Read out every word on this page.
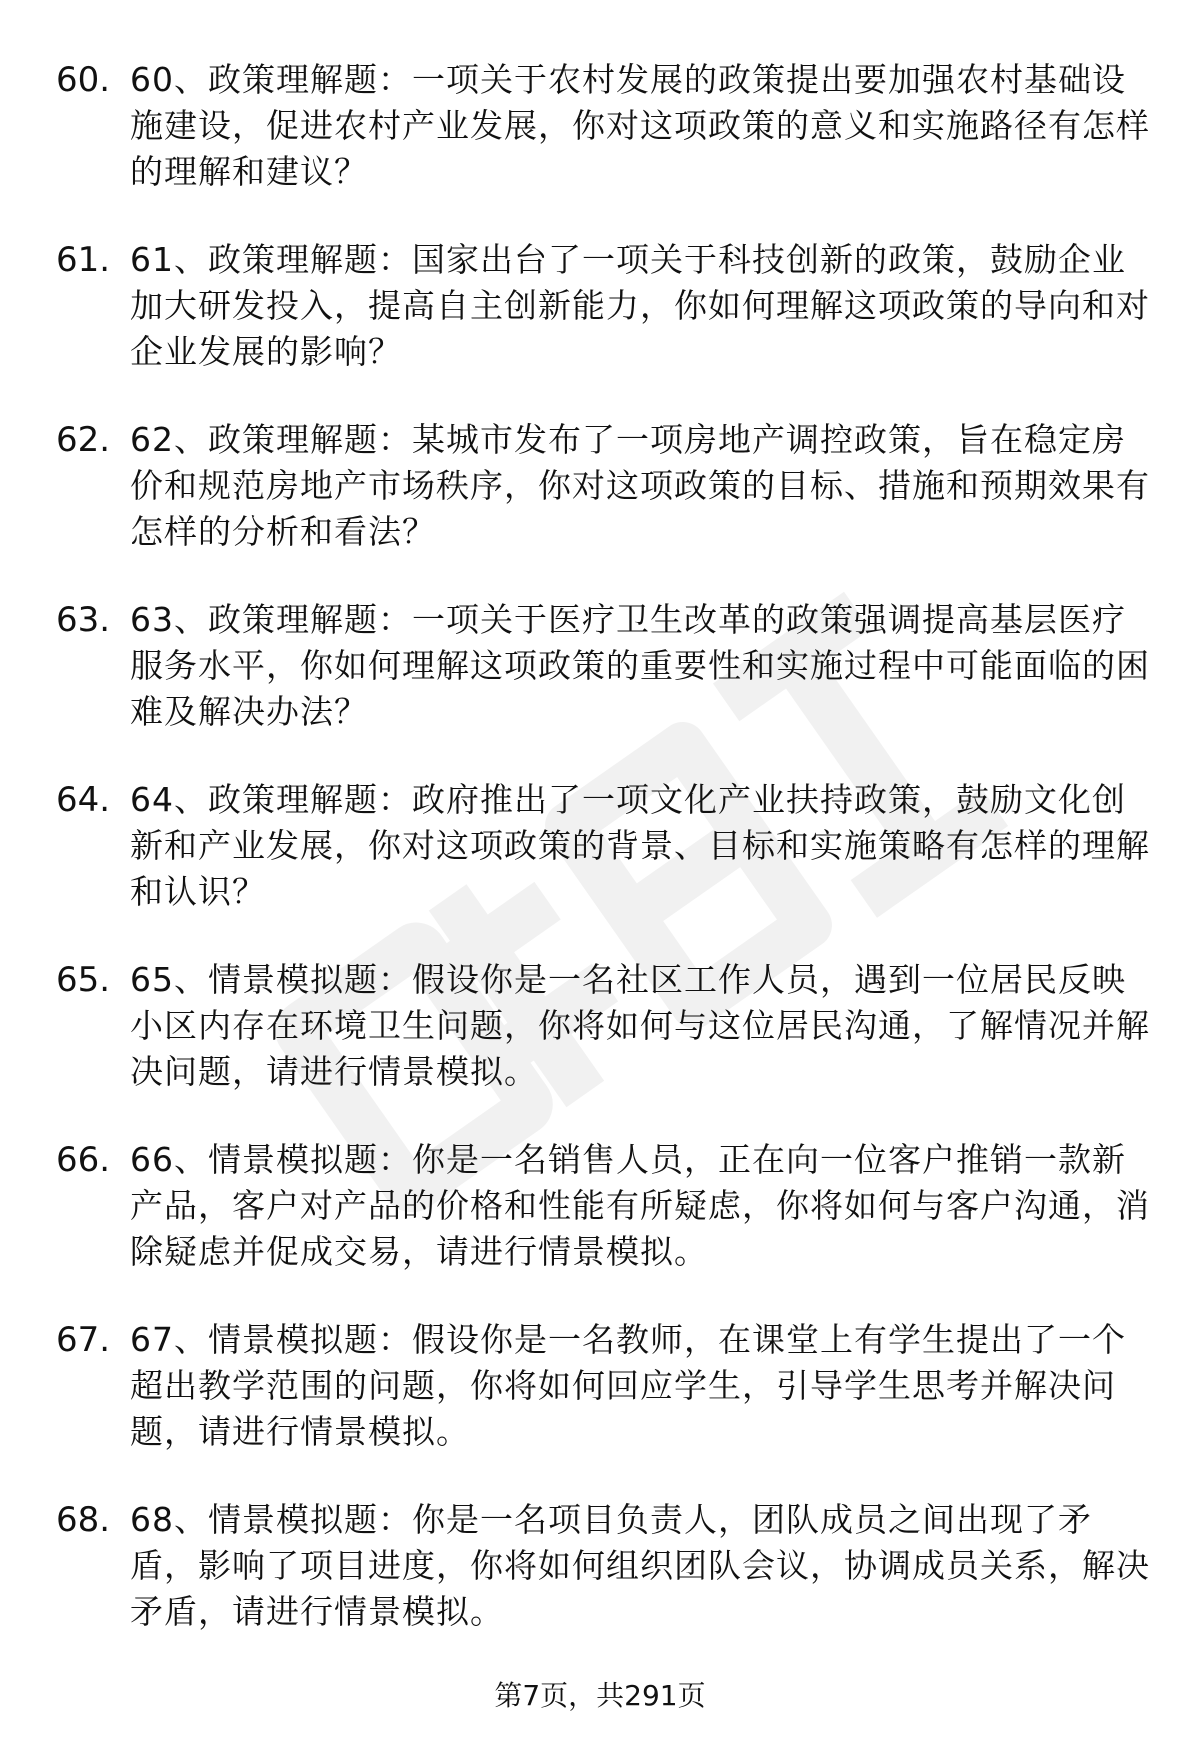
60. 60、政策理解题：一项关于农村发展的政策提出要加强农村基础设施建设，促进农村产业发展，你对这项政策的意义和实施路径有怎样的理解和建议？
61. 61、政策理解题：国家出台了一项关于科技创新的政策，鼓励企业加大研发投入，提高自主创新能力，你如何理解这项政策的导向和对企业发展的影响？
62. 62、政策理解题：某城市发布了一项房地产调控政策，旨在稳定房价和规范房地产市场秩序，你对这项政策的目标、措施和预期效果有怎样的分析和看法？
63. 63、政策理解题：一项关于医疗卫生改革的政策强调提高基层医疗服务水平，你如何理解这项政策的重要性和实施过程中可能面临的困难及解决办法？
64. 64、政策理解题：政府推出了一项文化产业扶持政策，鼓励文化创新和产业发展，你对这项政策的背景、目标和实施策略有怎样的理解和认识？
65. 65、情景模拟题：假设你是一名社区工作人员，遇到一位居民反映小区内存在环境卫生问题，你将如何与这位居民沟通，了解情况并解决问题，请进行情景模拟。
66. 66、情景模拟题：你是一名销售人员，正在向一位客户推销一款新产品，客户对产品的价格和性能有所疑虑，你将如何与客户沟通，消除疑虑并促成交易，请进行情景模拟。
67. 67、情景模拟题：假设你是一名教师，在课堂上有学生提出了一个超出教学范围的问题，你将如何回应学生，引导学生思考并解决问题，请进行情景模拟。
68. 68、情景模拟题：你是一名项目负责人，团队成员之间出现了矛盾，影响了项目进度，你将如何组织团队会议，协调成员关系，解决矛盾，请进行情景模拟。
第7页，共291页
